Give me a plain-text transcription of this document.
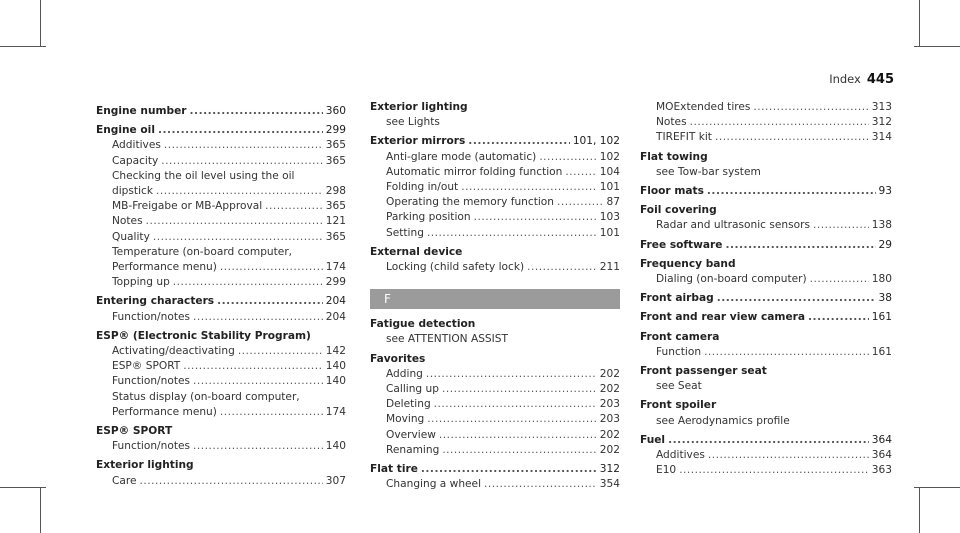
Index 445
Engine number .....	360
Engine oil .....	299
Additives .....	365
Capacity .....	365
Checking the oil level using the oil
dipstick .....	298
MB-Freigabe or MB-Approval .....	365
Notes .....	121
Quality .....	365
Temperature (on-board computer,
Performance menu) .....	174
Topping up .....	299
Entering characters .....	204
Function/notes .....	204
ESP® (Electronic Stability Program)
Activating/deactivating .....	142
ESP® SPORT .....	140
Function/notes .....	140
Status display (on-board computer,
Performance menu) .....	174
ESP® SPORT
Function/notes .....	140
Exterior lighting
Care .....	307
Exterior lighting
see Lights
Exterior mirrors .....	101, 102
Anti-glare mode (automatic) .....	102
Automatic mirror folding function .....	104
Folding in/out .....	101
Operating the memory function .....	87
Parking position .....	103
Setting .....	101
External device
Locking (child safety lock) .....	211
F
Fatigue detection
see ATTENTION ASSIST
Favorites
Adding .....	202
Calling up .....	202
Deleting .....	203
Moving .....	203
Overview .....	202
Renaming .....	202
Flat tire .....	312
Changing a wheel .....	354
MOExtended tires .....	313
Notes .....	312
TIREFIT kit .....	314
Flat towing
see Tow-bar system
Floor mats .....	93
Foil covering
Radar and ultrasonic sensors .....	138
Free software .....	29
Frequency band
Dialing (on-board computer) .....	180
Front airbag .....	38
Front and rear view camera .....	161
Front camera
Function .....	161
Front passenger seat
see Seat
Front spoiler
see Aerodynamics profile
Fuel .....	364
Additives .....	364
E10 .....	363
